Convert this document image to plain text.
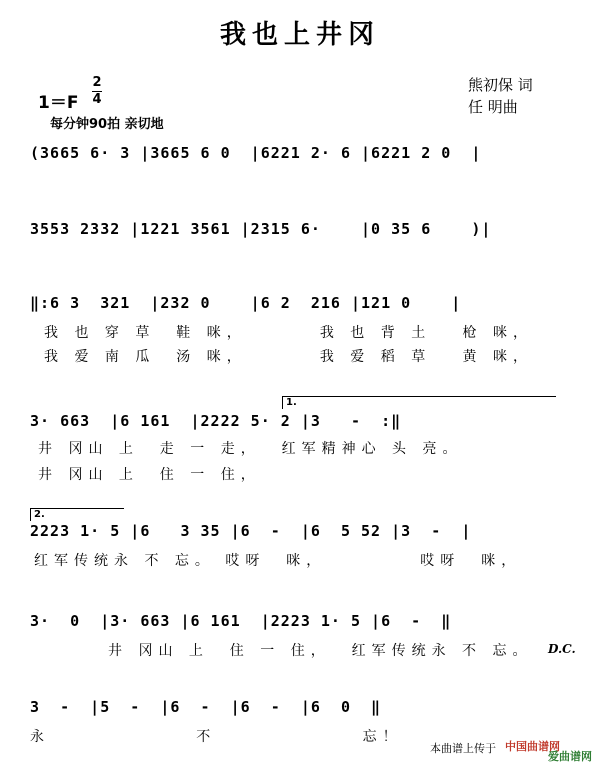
我也上井冈
1＝F
2
4
每分钟90拍 亲切地
熊初保 词
任 明曲
(3665 6· 3 |3665 6 0  |6221 2· 6 |6221 2 0  |
3553 2332 |1221 3561 |2315 6·    |0 35 6    )|
‖:6 3  321  |232 0    |6 2  216 |121 0    |
我 也 穿 草  鞋 咪，       我 也 背 土   枪 咪，
我 爱 南 瓜  汤 咪，       我 爱 稻 草   黄 咪，
1.
3· 663  |6 161  |2222 5· 2 |3   -  :‖
井 冈山 上  走 一 走，  红军精神心 头 亮。
井 冈山 上  住 一 住，
2.
2223 1· 5 |6   3 35 |6  -  |6  5 52 |3  -  |
红军传统永 不 忘。 哎呀  咪，         哎呀  咪，
3·  0  |3· 663 |6 161  |2223 1· 5 |6  -  ‖
井 冈山 上  住 一 住，  红军传统永 不 忘。 D.C.
3  -  |5  -  |6  -  |6  -  |6  0  ‖
永              不              忘！
本曲谱上传于 中国曲谱网
爱曲谱网
